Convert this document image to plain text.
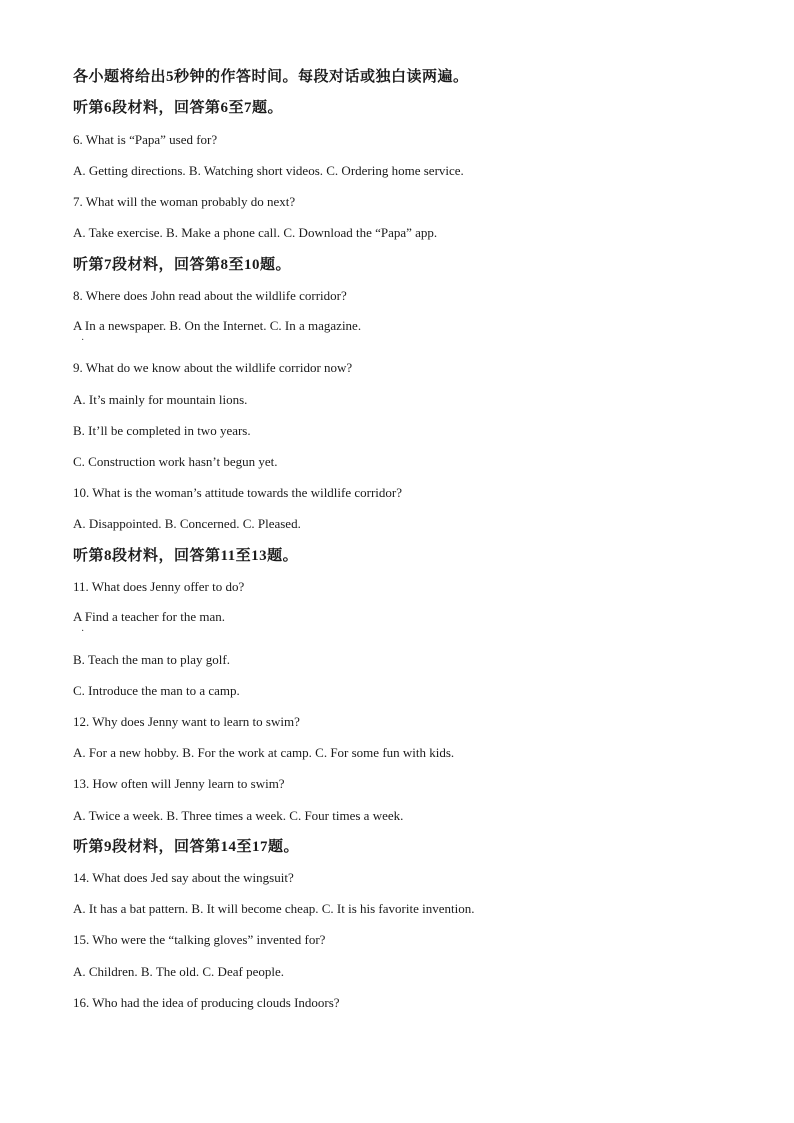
各小题将给出5秒钟的作答时间。每段对话或独白读两遍。
听第6段材料，回答第6至7题。
6. What is “Papa” used for?
A. Getting directions. B. Watching short videos. C. Ordering home service.
7. What will the woman probably do next?
A. Take exercise. B. Make a phone call. C. Download the “Papa” app.
听第7段材料，回答第8至10题。
8. Where does John read about the wildlife corridor?
A In a newspaper. B. On the Internet. C. In a magazine.
·
9. What do we know about the wildlife corridor now?
A. It’s mainly for mountain lions.
B. It’ll be completed in two years.
C. Construction work hasn’t begun yet.
10. What is the woman’s attitude towards the wildlife corridor?
A. Disappointed. B. Concerned. C. Pleased.
听第8段材料，回答第11至13题。
11. What does Jenny offer to do?
A Find a teacher for the man.
·
B. Teach the man to play golf.
C. Introduce the man to a camp.
12. Why does Jenny want to learn to swim?
A. For a new hobby. B. For the work at camp. C. For some fun with kids.
13. How often will Jenny learn to swim?
A. Twice a week. B. Three times a week. C. Four times a week.
听第9段材料，回答第14至17题。
14. What does Jed say about the wingsuit?
A. It has a bat pattern. B. It will become cheap. C. It is his favorite invention.
15. Who were the “talking gloves” invented for?
A. Children. B. The old. C. Deaf people.
16. Who had the idea of producing clouds Indoors?
